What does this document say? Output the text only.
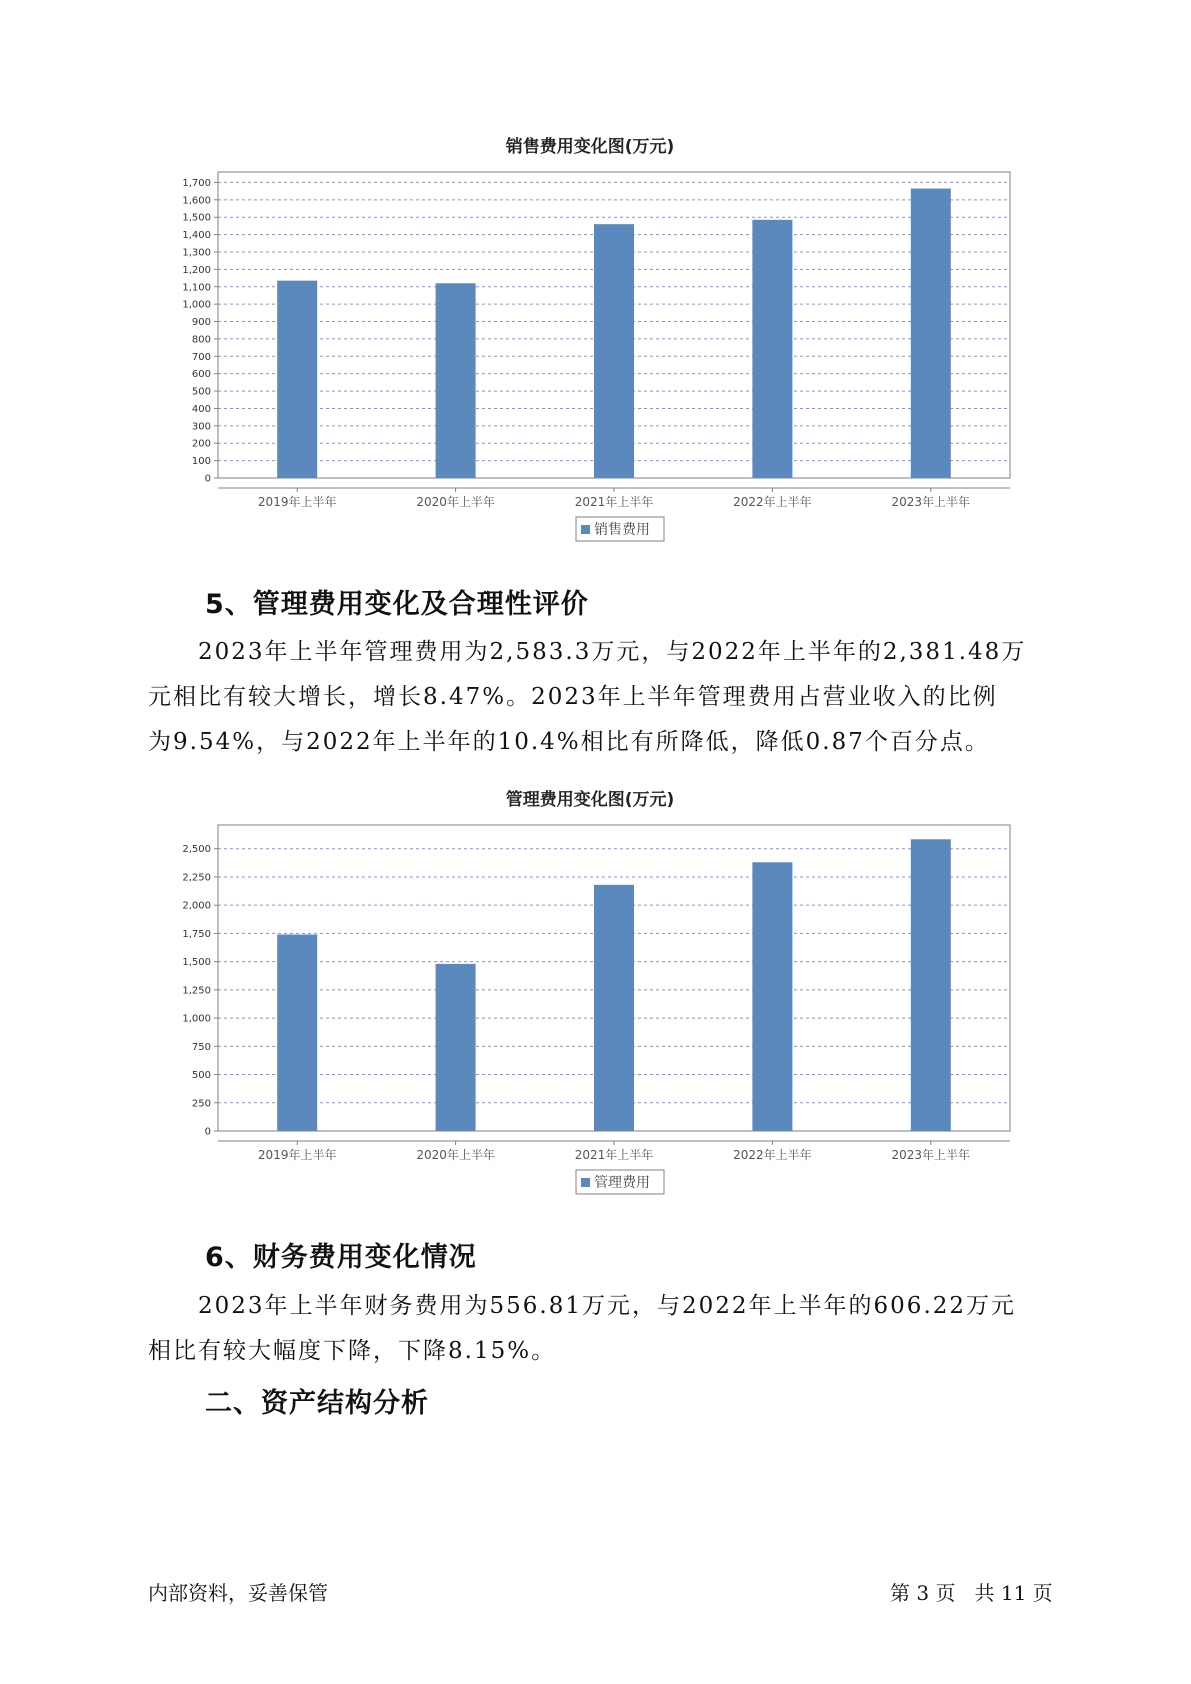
销售费用变化图(万元)
0
100
200
300
400
500
600
700
800
900
1,000
1,100
1,200
1,300
1,400
1,500
1,600
1,700
2019年上半年	2020年上半年	2021年上半年	2022年上半年	2023年上半年
销售费用
5、管理费用变化及合理性评价
2023年上半年管理费用为2,583.3万元，与2022年上半年的2,381.48万
元相比有较大增长，增长8.47%。2023年上半年管理费用占营业收入的比例
为9.54%，与2022年上半年的10.4%相比有所降低，降低0.87个百分点。
管理费用变化图(万元)
0
250
500
750
1,000
1,250
1,500
1,750
2,000
2,250
2,500
2019年上半年	2020年上半年	2021年上半年	2022年上半年	2023年上半年
管理费用
6、财务费用变化情况
2023年上半年财务费用为556.81万元，与2022年上半年的606.22万元
相比有较大幅度下降，下降8.15%。
二、资产结构分析
内部资料，妥善保管	第 3 页   共 11 页
